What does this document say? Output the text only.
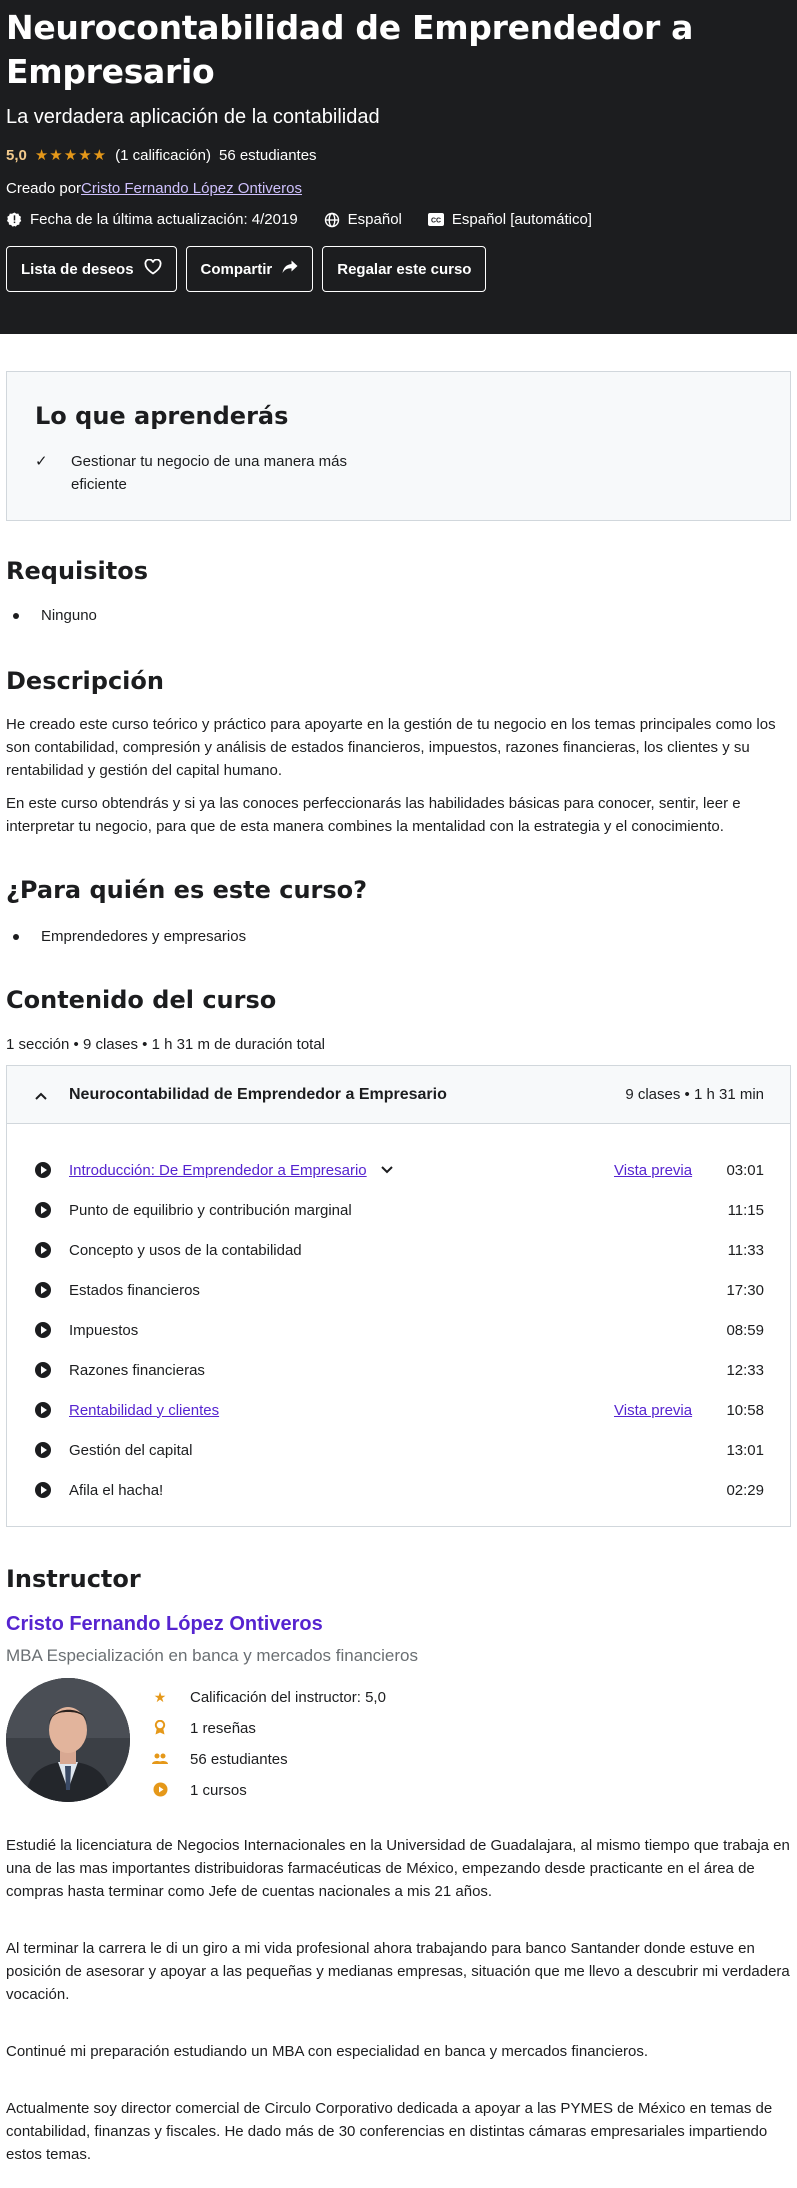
Neurocontabilidad de Emprendedor a Empresario
La verdadera aplicación de la contabilidad
5,0 ★★★★★ (1 calificación) 56 estudiantes
Creado porCristo Fernando López Ontiveros
Fecha de la última actualización: 4/2019	Español	CC Español [automático]
Lista de deseos	Compartir	Regalar este curso
Lo que aprenderás
✓ Gestionar tu negocio de una manera más eficiente
Requisitos
Ninguno
Descripción

He creado este curso teórico y práctico para apoyarte en la gestión de tu negocio en los temas principales como los son contabilidad, compresión y análisis de estados financieros, impuestos, razones financieras, los clientes y su rentabilidad y gestión del capital humano.

En este curso obtendrás y si ya las conoces perfeccionarás las habilidades básicas para conocer, sentir, leer e interpretar tu negocio, para que de esta manera combines la mentalidad con la estrategia y el conocimiento.

¿Para quién es este curso?
Emprendedores y empresarios
Contenido del curso
1 sección • 9 clases • 1 h 31 m de duración total
Neurocontabilidad de Emprendedor a Empresario	9 clases • 1 h 31 min
Introducción: De Emprendedor a Empresario	Vista previa	03:01
Punto de equilibrio y contribución marginal	11:15
Concepto y usos de la contabilidad	11:33
Estados financieros	17:30
Impuestos	08:59
Razones financieras	12:33
Rentabilidad y clientes	Vista previa	10:58
Gestión del capital	13:01
Afila el hacha!	02:29
Instructor
Cristo Fernando López Ontiveros
MBA Especialización en banca y mercados financieros
★ Calificación del instructor: 5,0
1 reseñas
56 estudiantes
1 cursos

Estudié la licenciatura de Negocios Internacionales en la Universidad de Guadalajara, al mismo tiempo que trabaja en una de las mas importantes distribuidoras farmacéuticas de México, empezando desde practicante en el área de compras hasta terminar como Jefe de cuentas nacionales a mis 21 años.

Al terminar la carrera le di un giro a mi vida profesional ahora trabajando para banco Santander donde estuve en posición de asesorar y apoyar a las pequeñas y medianas empresas, situación que me llevo a descubrir mi verdadera vocación.

Continué mi preparación estudiando un MBA con especialidad en banca y mercados financieros.

Actualmente soy director comercial de Circulo Corporativo dedicada a apoyar a las PYMES de México en temas de contabilidad, finanzas y fiscales. He dado más de 30 conferencias en distintas cámaras empresariales impartiendo estos temas.
